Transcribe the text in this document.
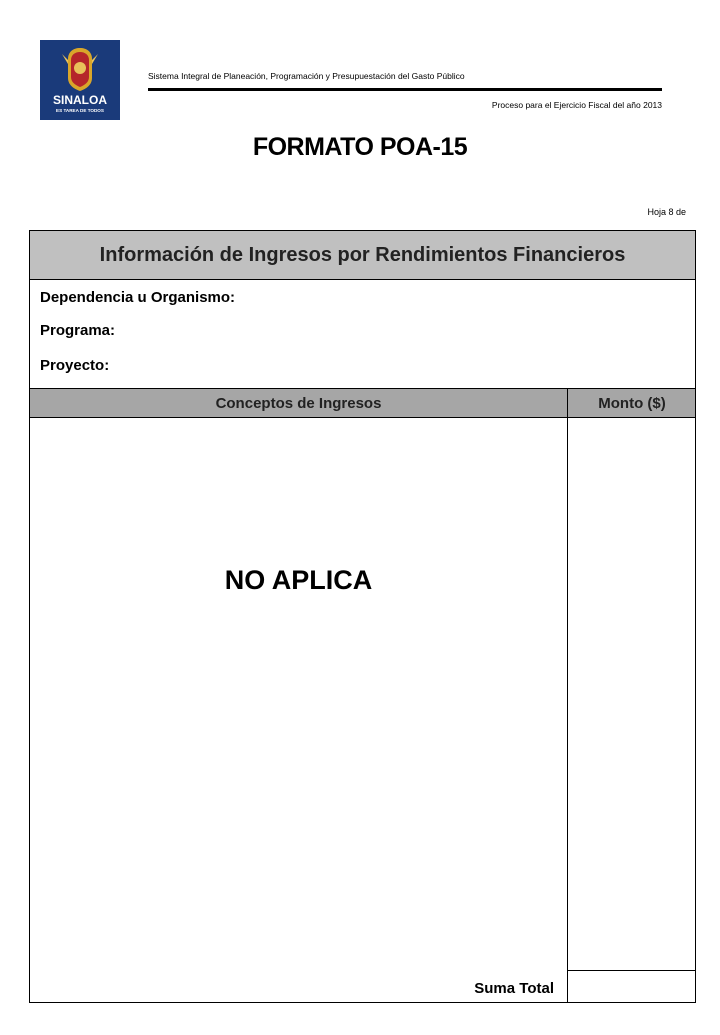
SINALOA
ES TAREA DE TODOS
Sistema Integral de Planeación, Programación y Presupuestación del Gasto Público
Proceso para el Ejercicio Fiscal del año 2013
FORMATO POA-15
Hoja 8 de
Información de Ingresos por Rendimientos Financieros
Dependencia u Organismo:
Programa:
Proyecto:
Conceptos de Ingresos	Monto ($)
NO APLICA
Suma Total
